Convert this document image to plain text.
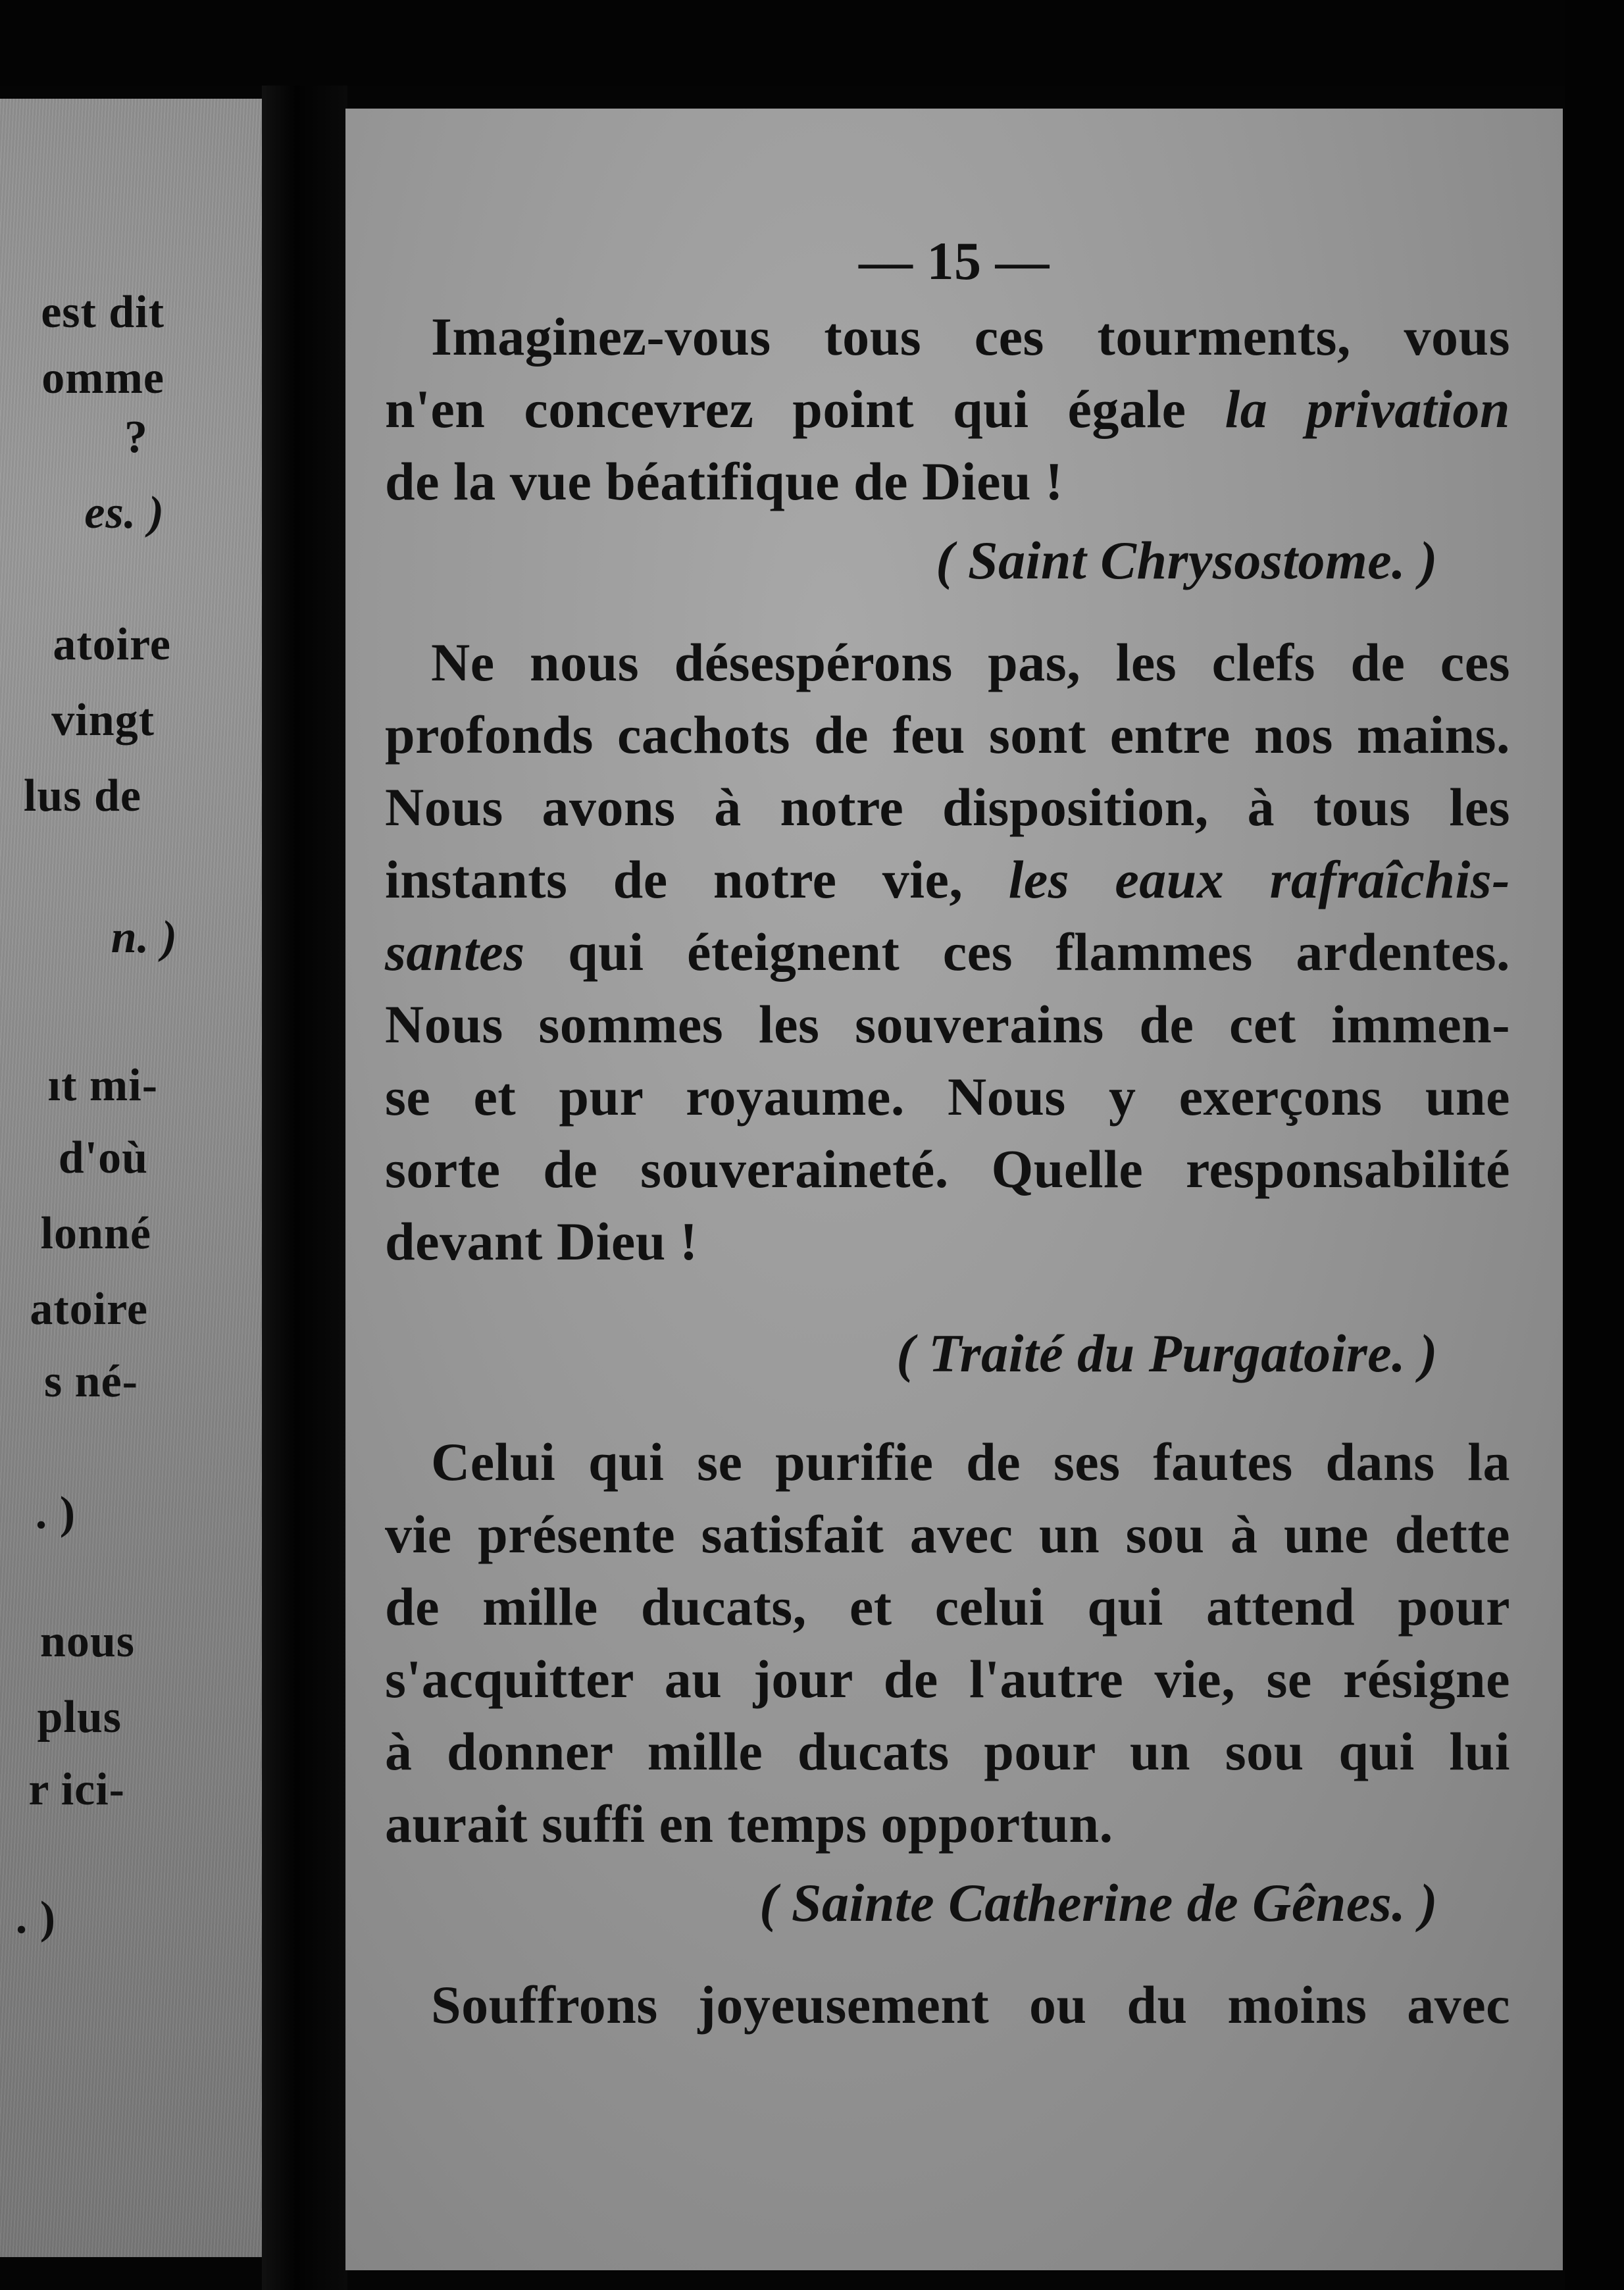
est dit

omme

?

es. )

atoire

vingt

lus de

n. )

ıt mi-

d'où

lonné

atoire

s né-

. )

nous

plus

r ici-

. )

— 15 —

Imaginez-vous tous ces tourments, vous

n'en concevrez point qui égale la privation

de la vue béatifique de Dieu !

( Saint Chrysostome. )

Ne nous désespérons pas, les clefs de ces

profonds cachots de feu sont entre nos mains.

Nous avons à notre disposition, à tous les

instants de notre vie, les eaux rafraîchis-

santes qui éteignent ces flammes ardentes.

Nous sommes les souverains de cet immen-

se et pur royaume. Nous y exerçons une

sorte de souveraineté. Quelle responsabilité

devant Dieu !

( Traité du Purgatoire. )

Celui qui se purifie de ses fautes dans la

vie présente satisfait avec un sou à une dette

de mille ducats, et celui qui attend pour

s'acquitter au jour de l'autre vie, se résigne

à donner mille ducats pour un sou qui lui

aurait suffi en temps opportun.

( Sainte Catherine de Gênes. )

Souffrons joyeusement ou du moins avec
